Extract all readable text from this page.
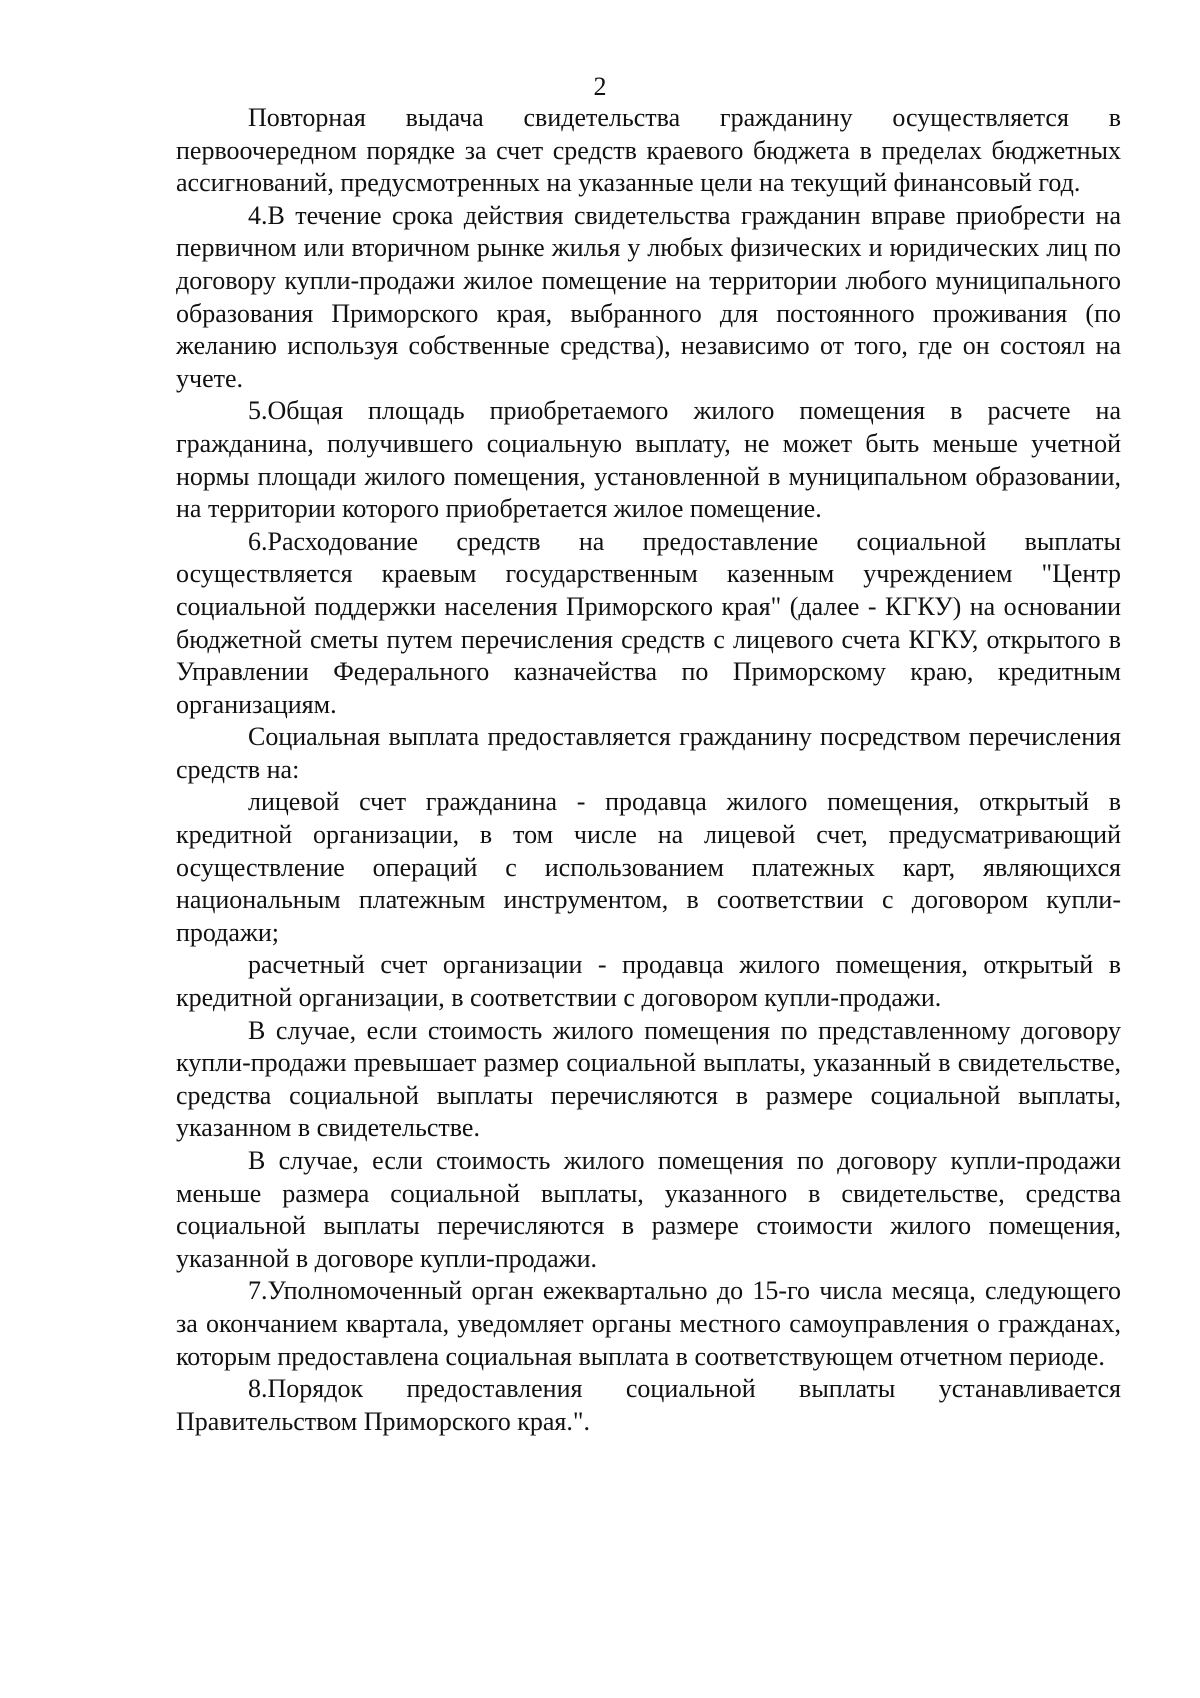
2

Повторная выдача свидетельства гражданину осуществляется в первоочередном порядке за счет средств краевого бюджета в пределах бюджетных ассигнований, предусмотренных на указанные цели на текущий финансовый год.

4.В течение срока действия свидетельства гражданин вправе приобрести на первичном или вторичном рынке жилья у любых физических и юридических лиц по договору купли-продажи жилое помещение на территории любого муниципального образования Приморского края, выбранного для постоянного проживания (по желанию используя собственные средства), независимо от того, где он состоял на учете.

5.Общая площадь приобретаемого жилого помещения в расчете на гражданина, получившего социальную выплату, не может быть меньше учетной нормы площади жилого помещения, установленной в муниципальном образовании, на территории которого приобретается жилое помещение.

6.Расходование средств на предоставление социальной выплаты осуществляется краевым государственным казенным учреждением "Центр социальной поддержки населения Приморского края" (далее - КГКУ) на основании бюджетной сметы путем перечисления средств с лицевого счета КГКУ, открытого в Управлении Федерального казначейства по Приморскому краю, кредитным организациям.

Социальная выплата предоставляется гражданину посредством перечисления средств на:

лицевой счет гражданина - продавца жилого помещения, открытый в кредитной организации, в том числе на лицевой счет, предусматривающий осуществление операций с использованием платежных карт, являющихся национальным платежным инструментом, в соответствии с договором купли-продажи;

расчетный счет организации - продавца жилого помещения, открытый в кредитной организации, в соответствии с договором купли-продажи.

В случае, если стоимость жилого помещения по представленному договору купли-продажи превышает размер социальной выплаты, указанный в свидетельстве, средства социальной выплаты перечисляются в размере социальной выплаты, указанном в свидетельстве.

В случае, если стоимость жилого помещения по договору купли-продажи меньше размера социальной выплаты, указанного в свидетельстве, средства социальной выплаты перечисляются в размере стоимости жилого помещения, указанной в договоре купли-продажи.

7.Уполномоченный орган ежеквартально до 15-го числа месяца, следующего за окончанием квартала, уведомляет органы местного самоуправления о гражданах, которым предоставлена социальная выплата в соответствующем отчетном периоде.

8.Порядок предоставления социальной выплаты устанавливается Правительством Приморского края.".
